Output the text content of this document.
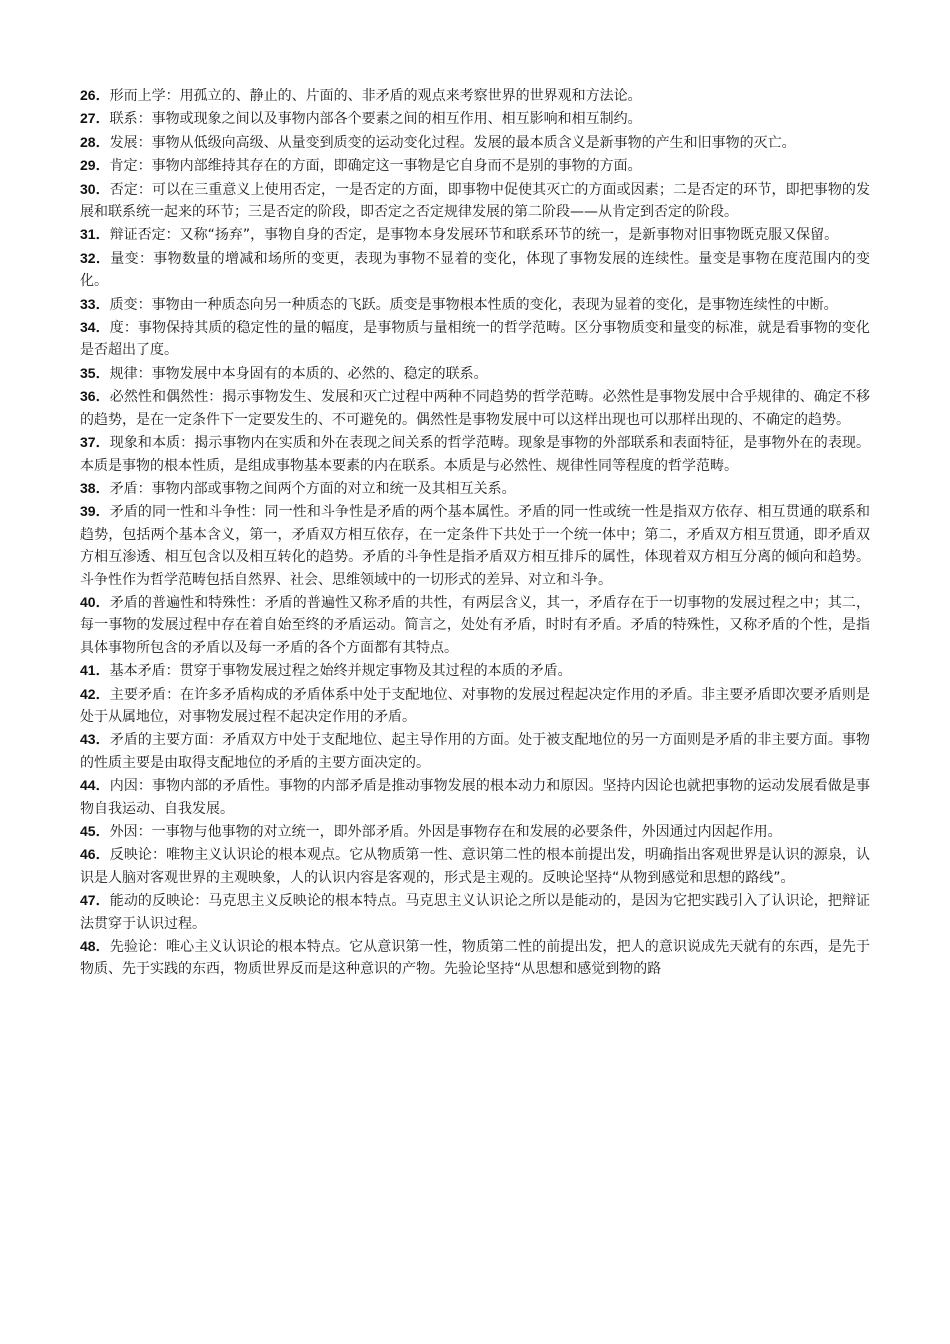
26．形而上学：用孤立的、静止的、片面的、非矛盾的观点来考察世界的世界观和方法论。

27．联系：事物或现象之间以及事物内部各个要素之间的相互作用、相互影响和相互制约。

28．发展：事物从低级向高级、从量变到质变的运动变化过程。发展的最本质含义是新事物的产生和旧事物的灭亡。

29．肯定：事物内部维持其存在的方面，即确定这一事物是它自身而不是别的事物的方面。

30．否定：可以在三重意义上使用否定，一是否定的方面，即事物中促使其灭亡的方面或因素；二是否定的环节，即把事物的发展和联系统一起来的环节；三是否定的阶段，即否定之否定规律发展的第二阶段——从肯定到否定的阶段。

31．辩证否定：又称“扬弃”，事物自身的否定，是事物本身发展环节和联系环节的统一，是新事物对旧事物既克服又保留。

32．量变：事物数量的增减和场所的变更，表现为事物不显着的变化，体现了事物发展的连续性。量变是事物在度范围内的变化。

33．质变：事物由一种质态向另一种质态的飞跃。质变是事物根本性质的变化，表现为显着的变化，是事物连续性的中断。

34．度：事物保持其质的稳定性的量的幅度，是事物质与量相统一的哲学范畴。区分事物质变和量变的标准，就是看事物的变化是否超出了度。

35．规律：事物发展中本身固有的本质的、必然的、稳定的联系。

36．必然性和偶然性：揭示事物发生、发展和灭亡过程中两种不同趋势的哲学范畴。必然性是事物发展中合乎规律的、确定不移的趋势，是在一定条件下一定要发生的、不可避免的。偶然性是事物发展中可以这样出现也可以那样出现的、不确定的趋势。

37．现象和本质：揭示事物内在实质和外在表现之间关系的哲学范畴。现象是事物的外部联系和表面特征，是事物外在的表现。本质是事物的根本性质，是组成事物基本要素的内在联系。本质是与必然性、规律性同等程度的哲学范畴。

38．矛盾：事物内部或事物之间两个方面的对立和统一及其相互关系。

39．矛盾的同一性和斗争性：同一性和斗争性是矛盾的两个基本属性。矛盾的同一性或统一性是指双方依存、相互贯通的联系和趋势，包括两个基本含义，第一，矛盾双方相互依存，在一定条件下共处于一个统一体中；第二，矛盾双方相互贯通，即矛盾双方相互渗透、相互包含以及相互转化的趋势。矛盾的斗争性是指矛盾双方相互排斥的属性，体现着双方相互分离的倾向和趋势。斗争性作为哲学范畴包括自然界、社会、思维领域中的一切形式的差异、对立和斗争。

40．矛盾的普遍性和特殊性：矛盾的普遍性又称矛盾的共性，有两层含义，其一，矛盾存在于一切事物的发展过程之中；其二，每一事物的发展过程中存在着自始至终的矛盾运动。简言之，处处有矛盾，时时有矛盾。矛盾的特殊性，又称矛盾的个性，是指具体事物所包含的矛盾以及每一矛盾的各个方面都有其特点。

41．基本矛盾：贯穿于事物发展过程之始终并规定事物及其过程的本质的矛盾。

42．主要矛盾：在许多矛盾构成的矛盾体系中处于支配地位、对事物的发展过程起决定作用的矛盾。非主要矛盾即次要矛盾则是处于从属地位，对事物发展过程不起决定作用的矛盾。

43．矛盾的主要方面：矛盾双方中处于支配地位、起主导作用的方面。处于被支配地位的另一方面则是矛盾的非主要方面。事物的性质主要是由取得支配地位的矛盾的主要方面决定的。

44．内因：事物内部的矛盾性。事物的内部矛盾是推动事物发展的根本动力和原因。坚持内因论也就把事物的运动发展看做是事物自我运动、自我发展。

45．外因：一事物与他事物的对立统一，即外部矛盾。外因是事物存在和发展的必要条件，外因通过内因起作用。

46．反映论：唯物主义认识论的根本观点。它从物质第一性、意识第二性的根本前提出发，明确指出客观世界是认识的源泉，认识是人脑对客观世界的主观映象，人的认识内容是客观的，形式是主观的。反映论坚持“从物到感觉和思想的路线”。

47．能动的反映论：马克思主义反映论的根本特点。马克思主义认识论之所以是能动的，是因为它把实践引入了认识论，把辩证法贯穿于认识过程。

48．先验论：唯心主义认识论的根本特点。它从意识第一性，物质第二性的前提出发，把人的意识说成先天就有的东西，是先于物质、先于实践的东西，物质世界反而是这种意识的产物。先验论坚持“从思想和感觉到物的路
